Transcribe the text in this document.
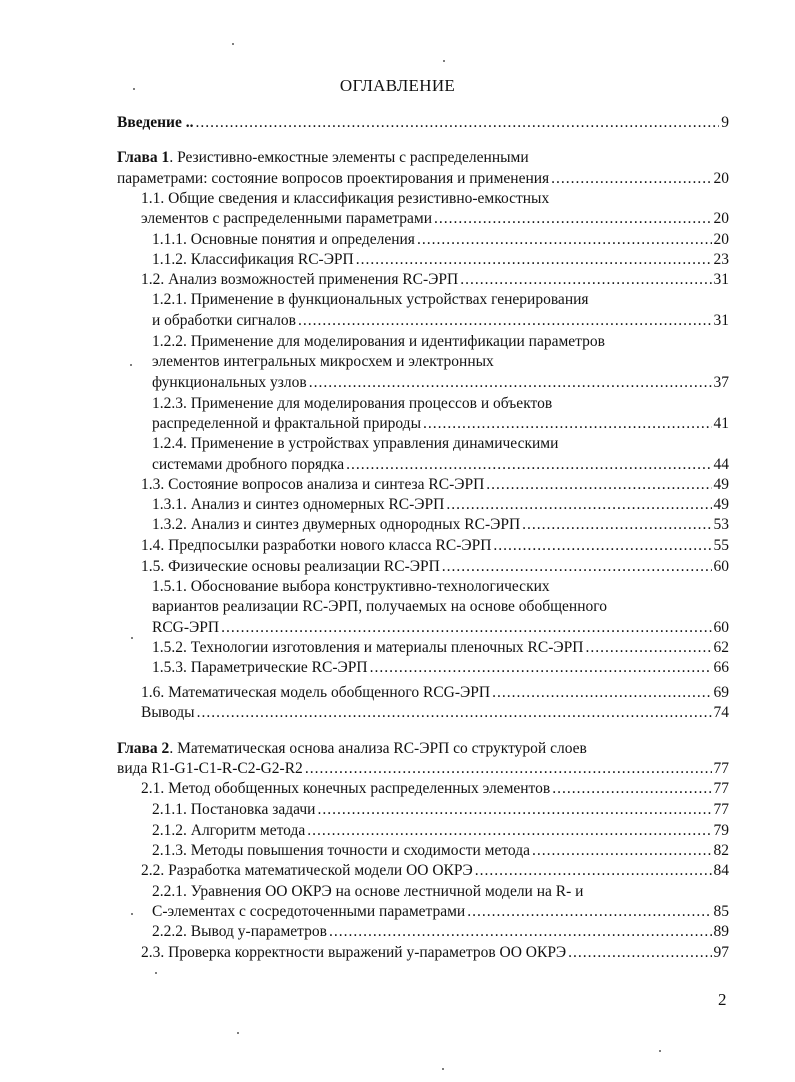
ОГЛАВЛЕНИЕ
Введение .. .....	9
Глава 1. Резистивно-емкостные элементы с распределенными
параметрами: состояние вопросов проектирования и применения .....	20
1.1. Общие сведения и классификация резистивно-емкостных
элементов с распределенными параметрами .....	20
1.1.1. Основные понятия и определения .....	20
1.1.2. Классификация RC-ЭРП .....	23
1.2. Анализ возможностей применения RC-ЭРП .....	31
1.2.1. Применение в функциональных устройствах генерирования
и обработки сигналов .....	31
1.2.2. Применение для моделирования и идентификации параметров
элементов интегральных микросхем и электронных
функциональных узлов .....	37
1.2.3. Применение для моделирования процессов и объектов
распределенной и фрактальной природы .....	41
1.2.4. Применение в устройствах управления динамическими
системами дробного порядка .....	44
1.3. Состояние вопросов анализа и синтеза RC-ЭРП .....	49
1.3.1. Анализ и синтез одномерных RC-ЭРП .....	49
1.3.2. Анализ и синтез двумерных однородных RC-ЭРП .....	53
1.4. Предпосылки разработки нового класса RC-ЭРП .....	55
1.5. Физические основы реализации RC-ЭРП .....	60
1.5.1. Обоснование выбора конструктивно-технологических
вариантов реализации RC-ЭРП, получаемых на основе обобщенного
RCG-ЭРП .....	60
1.5.2. Технологии изготовления и материалы пленочных RC-ЭРП .....	62
1.5.3. Параметрические RC-ЭРП .....	66
1.6. Математическая модель обобщенного RCG-ЭРП .....	69
Выводы .....	74
Глава 2. Математическая основа анализа RC-ЭРП со структурой слоев
вида R1-G1-C1-R-C2-G2-R2 .....	77
2.1. Метод обобщенных конечных распределенных элементов .....	77
2.1.1. Постановка задачи .....	77
2.1.2. Алгоритм метода .....	79
2.1.3. Методы повышения точности и сходимости метода .....	82
2.2. Разработка математической модели ОО ОКРЭ .....	84
2.2.1. Уравнения ОО ОКРЭ на основе лестничной модели на R- и
С-элементах с сосредоточенными параметрами .....	85
2.2.2. Вывод y-параметров .....	89
2.3. Проверка корректности выражений y-параметров ОО ОКРЭ .....	97
2
